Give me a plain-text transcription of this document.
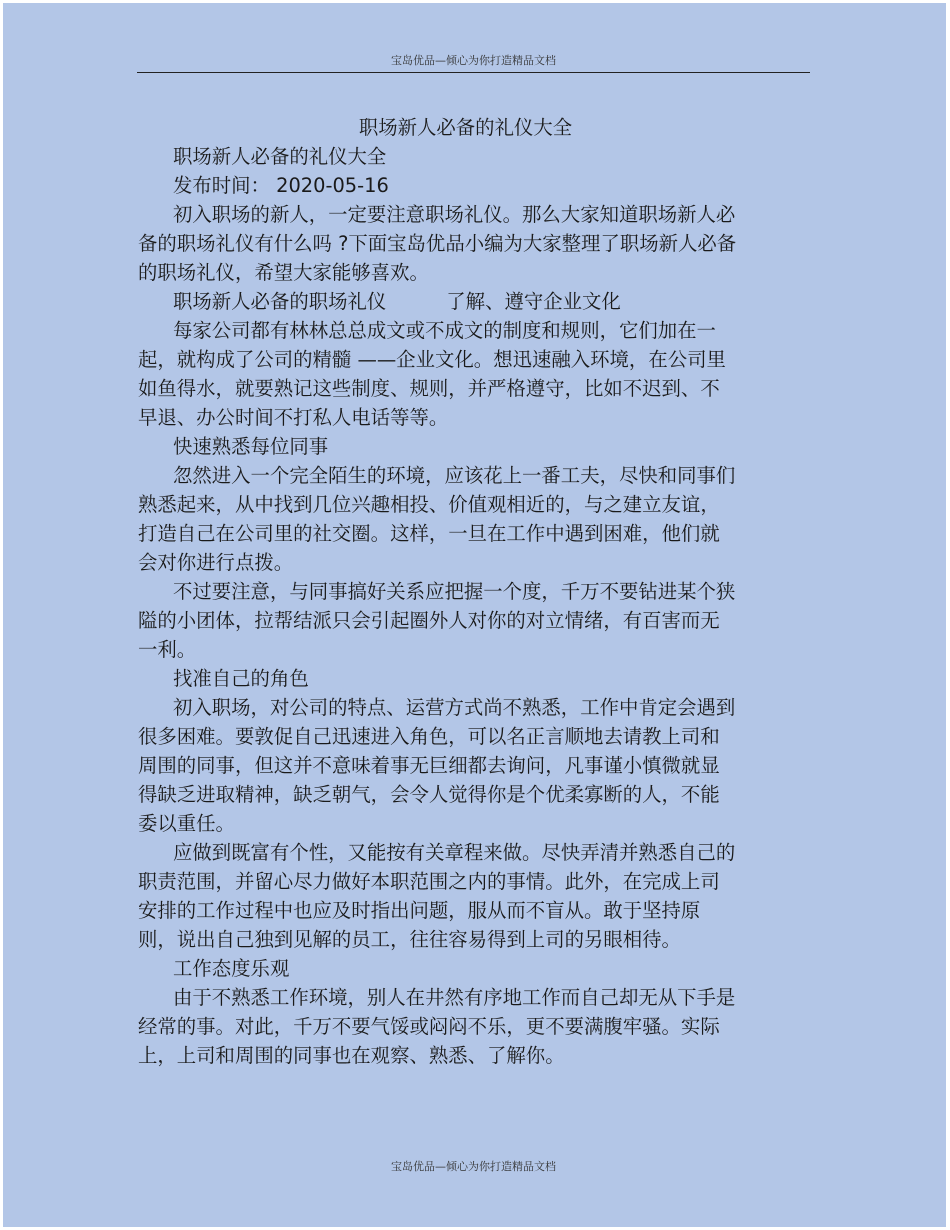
宝岛优品—倾心为你打造精品文档
职场新人必备的礼仪大全
职场新人必备的礼仪大全
发布时间： 2020-05-16
初入职场的新人，一定要注意职场礼仪。那么大家知道职场新人必
备的职场礼仪有什么吗 ?下面宝岛优品小编为大家整理了职场新人必备
的职场礼仪，希望大家能够喜欢。
职场新人必备的职场礼仪	了解、遵守企业文化
每家公司都有林林总总成文或不成文的制度和规则，它们加在一
起，就构成了公司的精髓 ——企业文化。想迅速融入环境，在公司里
如鱼得水，就要熟记这些制度、规则，并严格遵守，比如不迟到、不
早退、办公时间不打私人电话等等。
快速熟悉每位同事
忽然进入一个完全陌生的环境，应该花上一番工夫，尽快和同事们
熟悉起来，从中找到几位兴趣相投、价值观相近的，与之建立友谊，
打造自己在公司里的社交圈。这样，一旦在工作中遇到困难，他们就
会对你进行点拨。
不过要注意，与同事搞好关系应把握一个度，千万不要钻进某个狭
隘的小团体，拉帮结派只会引起圈外人对你的对立情绪，有百害而无
一利。
找准自己的角色
初入职场，对公司的特点、运营方式尚不熟悉，工作中肯定会遇到
很多困难。要敦促自己迅速进入角色，可以名正言顺地去请教上司和
周围的同事，但这并不意味着事无巨细都去询问，凡事谨小慎微就显
得缺乏进取精神，缺乏朝气，会令人觉得你是个优柔寡断的人，不能
委以重任。
应做到既富有个性，又能按有关章程来做。尽快弄清并熟悉自己的
职责范围，并留心尽力做好本职范围之内的事情。此外，在完成上司
安排的工作过程中也应及时指出问题，服从而不盲从。敢于坚持原
则，说出自己独到见解的员工，往往容易得到上司的另眼相待。
工作态度乐观
由于不熟悉工作环境，别人在井然有序地工作而自己却无从下手是
经常的事。对此，千万不要气馁或闷闷不乐，更不要满腹牢骚。实际
上，上司和周围的同事也在观察、熟悉、了解你。
宝岛优品—倾心为你打造精品文档
